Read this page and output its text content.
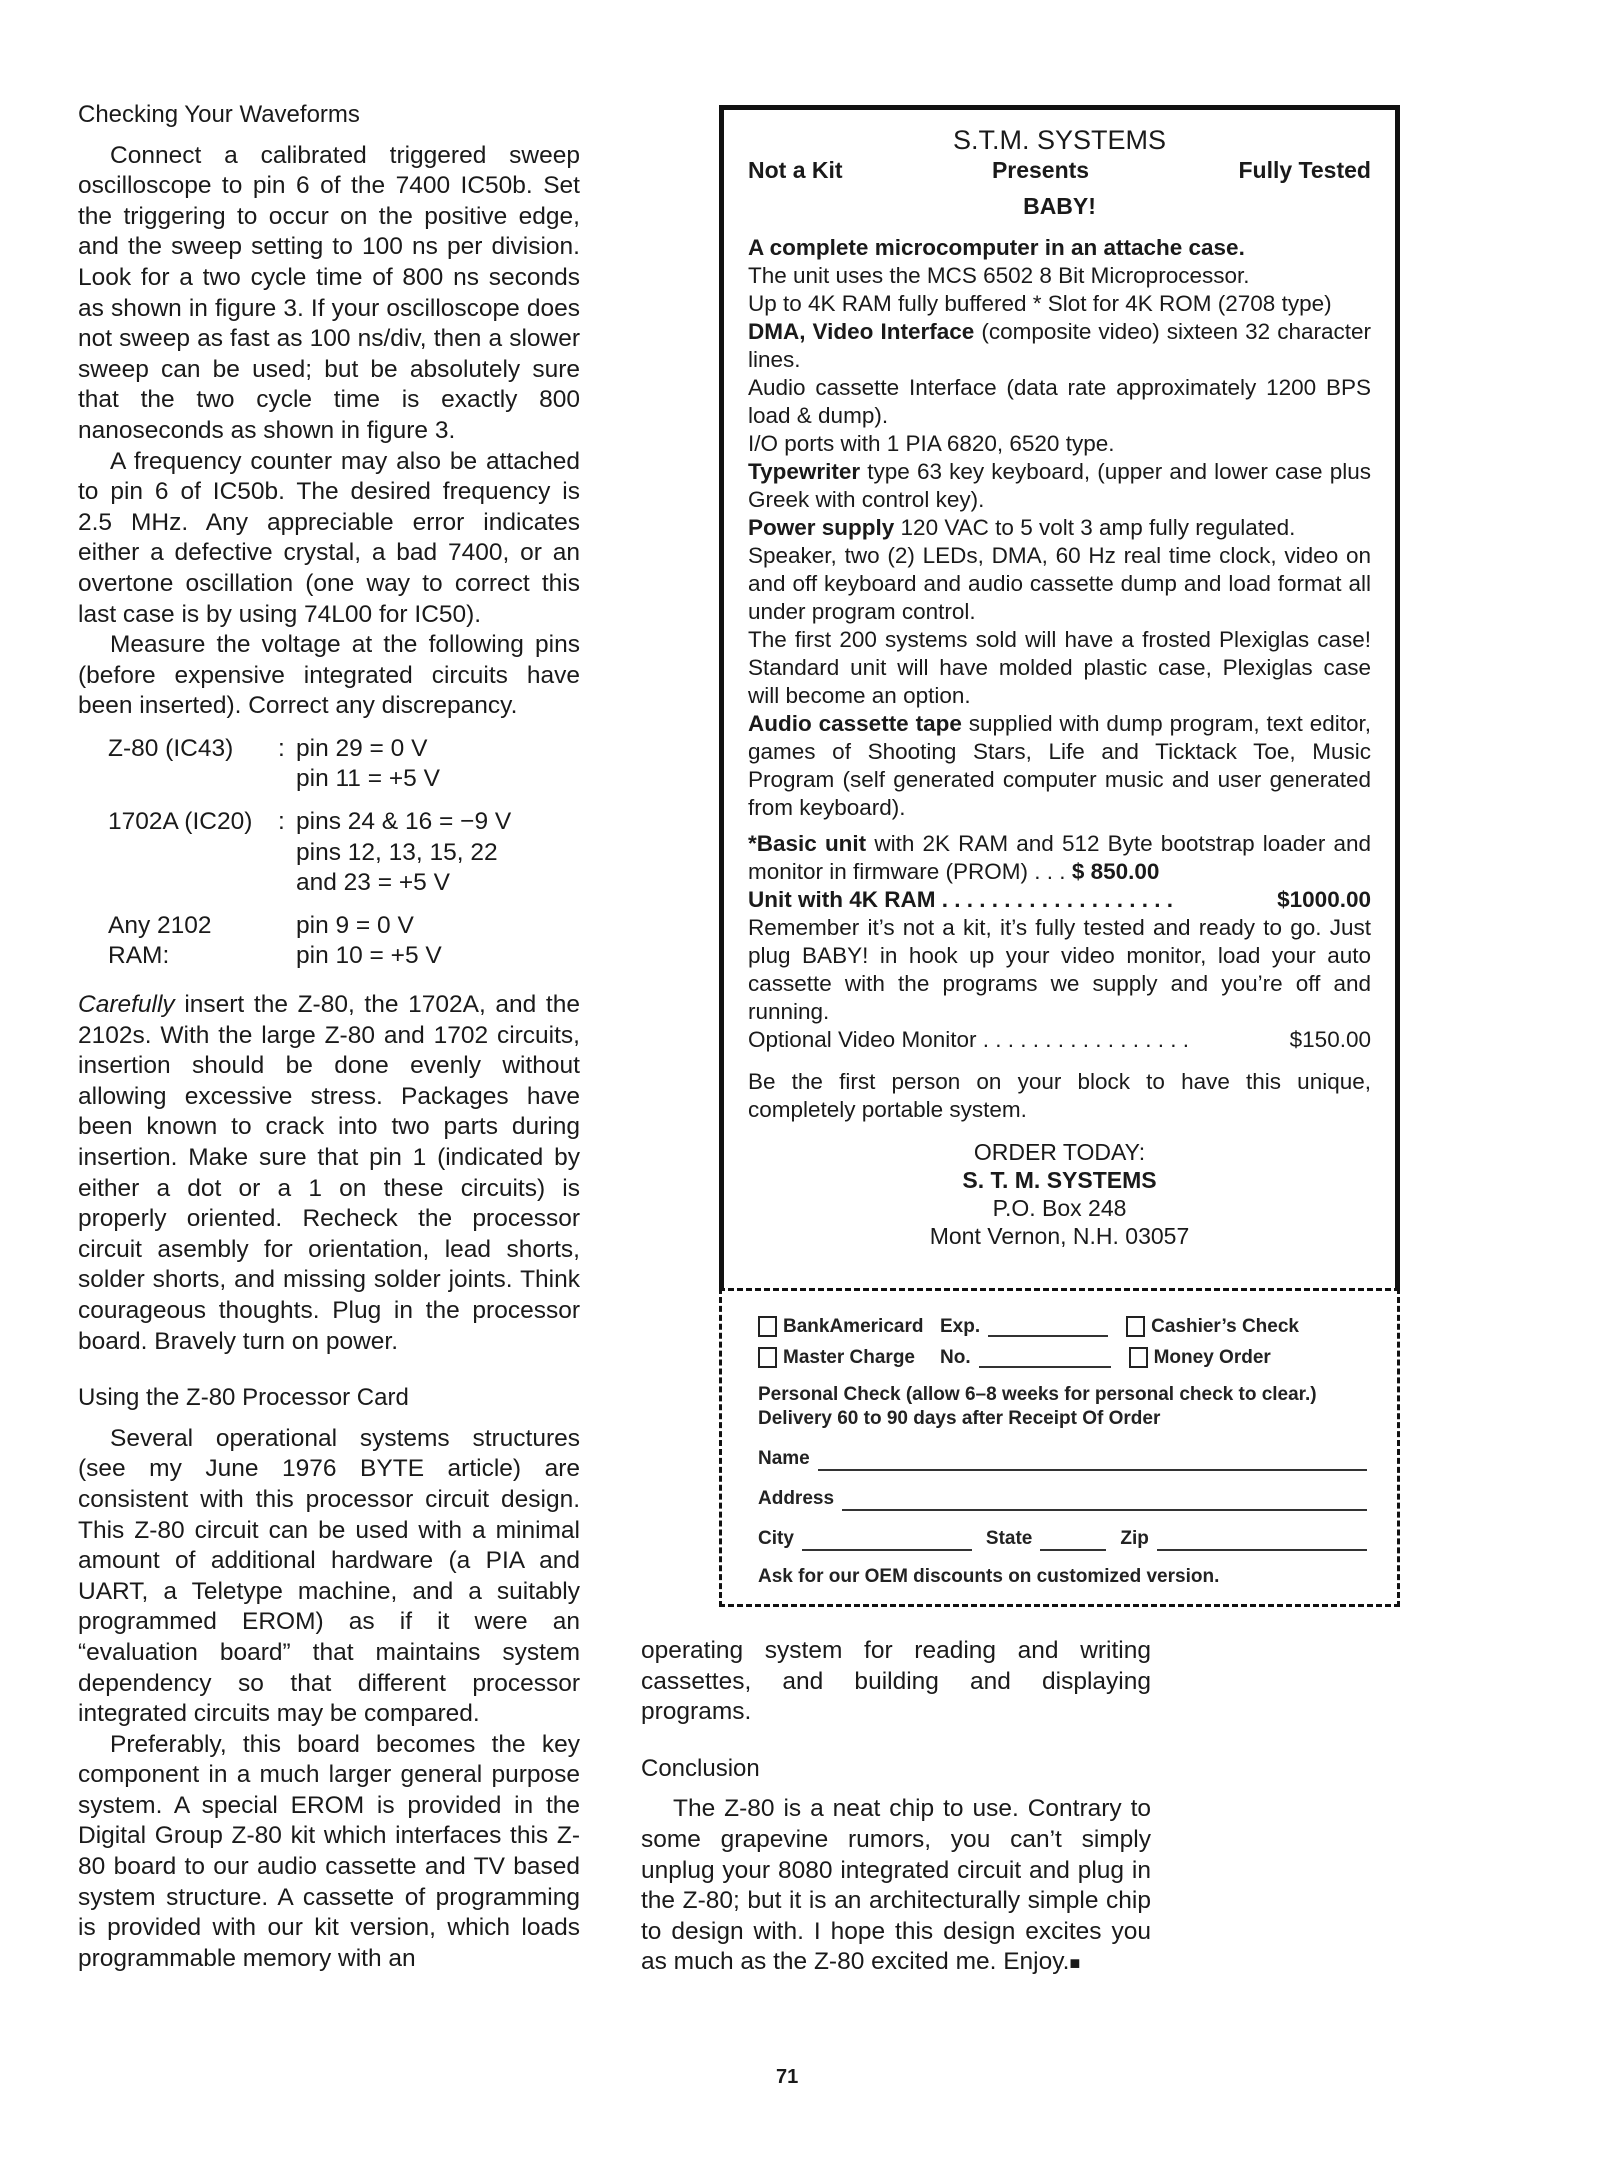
Checking Your Waveforms

Connect a calibrated triggered sweep oscilloscope to pin 6 of the 7400 IC50b. Set the triggering to occur on the positive edge, and the sweep setting to 100 ns per division. Look for a two cycle time of 800 ns seconds as shown in figure 3. If your oscilloscope does not sweep as fast as 100 ns/div, then a slower sweep can be used; but be absolutely sure that the two cycle time is exactly 800 nanoseconds as shown in figure 3.

A frequency counter may also be attached to pin 6 of IC50b. The desired frequency is 2.5 MHz. Any appreciable error indicates either a defective crystal, a bad 7400, or an overtone oscillation (one way to correct this last case is by using 74L00 for IC50).

Measure the voltage at the following pins (before expensive integrated circuits have been inserted). Correct any discrepancy.

Z-80 (IC43)	: pin 29 = 0 V
pin 11 = +5 V
1702A (IC20)	: pins 24 & 16 = −9 V
pins 12, 13, 15, 22
and 23 = +5 V
Any 2102 RAM:
pin 9 = 0 V
pin 10 = +5 V

Carefully insert the Z-80, the 1702A, and the 2102s. With the large Z-80 and 1702 circuits, insertion should be done evenly without allowing excessive stress. Packages have been known to crack into two parts during insertion. Make sure that pin 1 (indicated by either a dot or a 1 on these circuits) is properly oriented. Recheck the processor circuit asembly for orientation, lead shorts, solder shorts, and missing solder joints. Think courageous thoughts. Plug in the processor board. Bravely turn on power.

Using the Z-80 Processor Card

Several operational systems structures (see my June 1976 BYTE article) are consistent with this processor circuit design. This Z-80 circuit can be used with a minimal amount of additional hardware (a PIA and UART, a Teletype machine, and a suitably programmed EROM) as if it were an “evaluation board” that maintains system dependency so that different processor integrated circuits may be compared.

Preferably, this board becomes the key component in a much larger general purpose system. A special EROM is provided in the Digital Group Z-80 kit which interfaces this Z-80 board to our audio cassette and TV based system structure. A cassette of programming is provided with our kit version, which loads programmable memory with an

S.T.M. SYSTEMS
Not a Kit	Presents	Fully Tested
BABY!

A complete microcomputer in an attache case.

The unit uses the MCS 6502 8 Bit Microprocessor.

Up to 4K RAM fully buffered * Slot for 4K ROM (2708 type)

DMA, Video Interface (composite video) sixteen 32 character lines.

Audio cassette Interface (data rate approximately 1200 BPS load & dump).

I/O ports with 1 PIA 6820, 6520 type.

Typewriter type 63 key keyboard, (upper and lower case plus Greek with control key).

Power supply 120 VAC to 5 volt 3 amp fully regulated.

Speaker, two (2) LEDs, DMA, 60 Hz real time clock, video on and off keyboard and audio cassette dump and load format all under program control.

The first 200 systems sold will have a frosted Plexiglas case! Standard unit will have molded plastic case, Plexiglas case will become an option.

Audio cassette tape supplied with dump program, text editor, games of Shooting Stars, Life and Ticktack Toe, Music Program (self generated computer music and user generated from keyboard).

*Basic unit with 2K RAM and 512 Byte bootstrap loader and monitor in firmware (PROM) . . . $ 850.00

Unit with 4K RAM . . . . . . . . . . . . . . . . . . .	$1000.00

Remember it’s not a kit, it’s fully tested and ready to go. Just plug BABY! in hook up your video monitor, load your auto cassette with the programs we supply and you’re off and running.

Optional Video Monitor . . . . . . . . . . . . . . . . .	$150.00

Be the first person on your block to have this unique, completely portable system.

ORDER TODAY:
S. T. M. SYSTEMS
P.O. Box 248
Mont Vernon, N.H. 03057
BankAmericard Exp.	Cashier’s Check
Master Charge	No.	Money Order
Personal Check (allow 6–8 weeks for personal check to clear.)
Delivery 60 to 90 days after Receipt Of Order
Name
Address
City	State	Zip
Ask for our OEM discounts on customized version.

operating system for reading and writing cassettes, and building and displaying programs.

Conclusion

The Z-80 is a neat chip to use. Contrary to some grapevine rumors, you can’t simply unplug your 8080 integrated circuit and plug in the Z-80; but it is an architecturally simple chip to design with. I hope this design excites you as much as the Z-80 excited me. Enjoy.■

71
